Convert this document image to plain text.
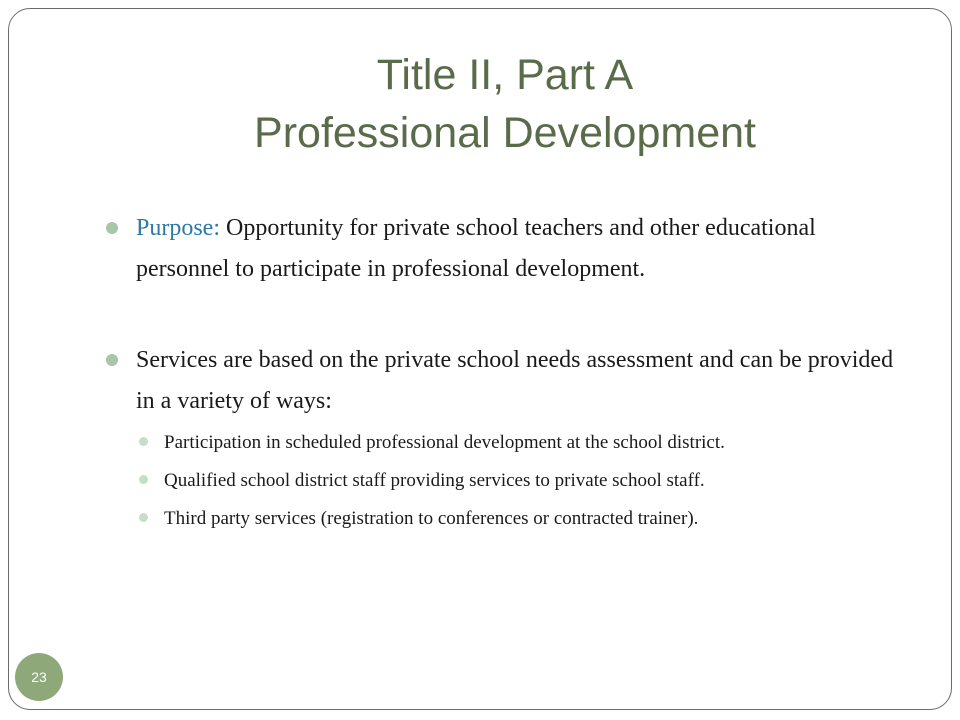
Title II, Part A
Professional Development

Purpose: Opportunity for private school teachers and other educational personnel to participate in professional development.

Services are based on the private school needs assessment and can be provided in a variety of ways:
Participation in scheduled professional development at the school district.
Qualified school district staff providing services to private school staff.
Third party services (registration to conferences or contracted trainer).
23
